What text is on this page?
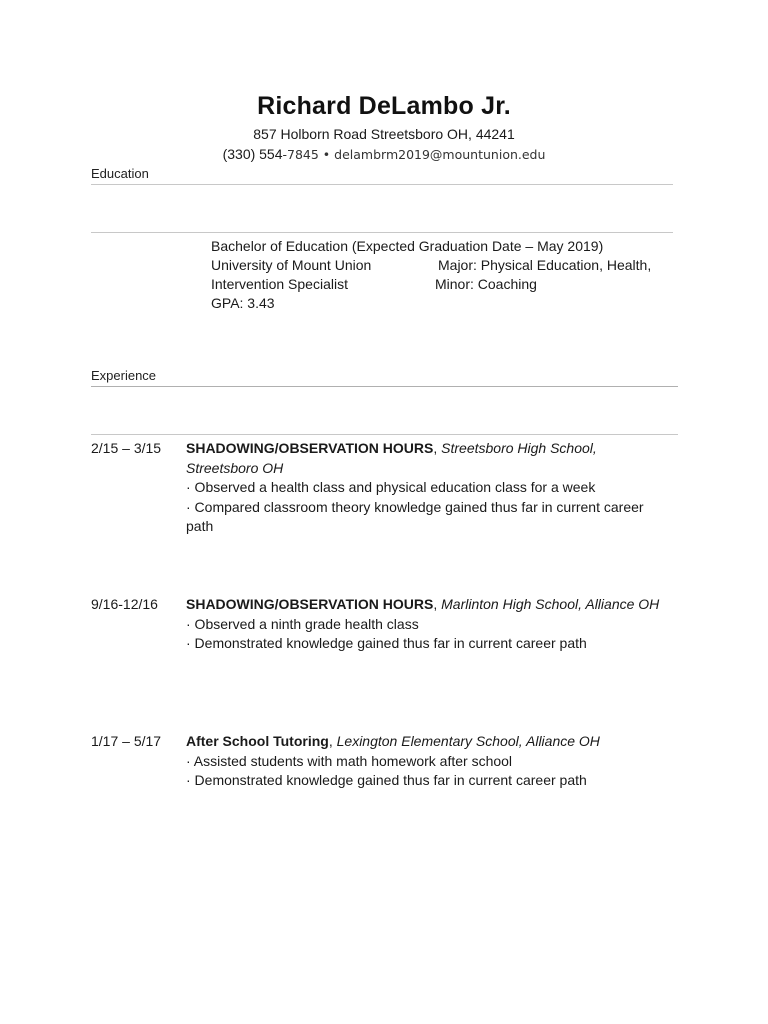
Richard DeLambo Jr.
857 Holborn Road Streetsboro OH, 44241
(330) 554-7845 • delambrm2019@mountunion.edu
Education
Bachelor of Education (Expected Graduation Date – May 2019)
University of Mount Union	Major: Physical Education, Health,
Intervention Specialist	Minor: Coaching
GPA: 3.43
Experience
2/15 – 3/15 SHADOWING/OBSERVATION HOURS, Streetsboro High School, Streetsboro OH
· Observed a health class and physical education class for a week
· Compared classroom theory knowledge gained thus far in current career path
9/16-12/16 SHADOWING/OBSERVATION HOURS, Marlinton High School, Alliance OH
· Observed a ninth grade health class
· Demonstrated knowledge gained thus far in current career path
1/17 – 5/17 After School Tutoring, Lexington Elementary School, Alliance OH
· Assisted students with math homework after school
· Demonstrated knowledge gained thus far in current career path
